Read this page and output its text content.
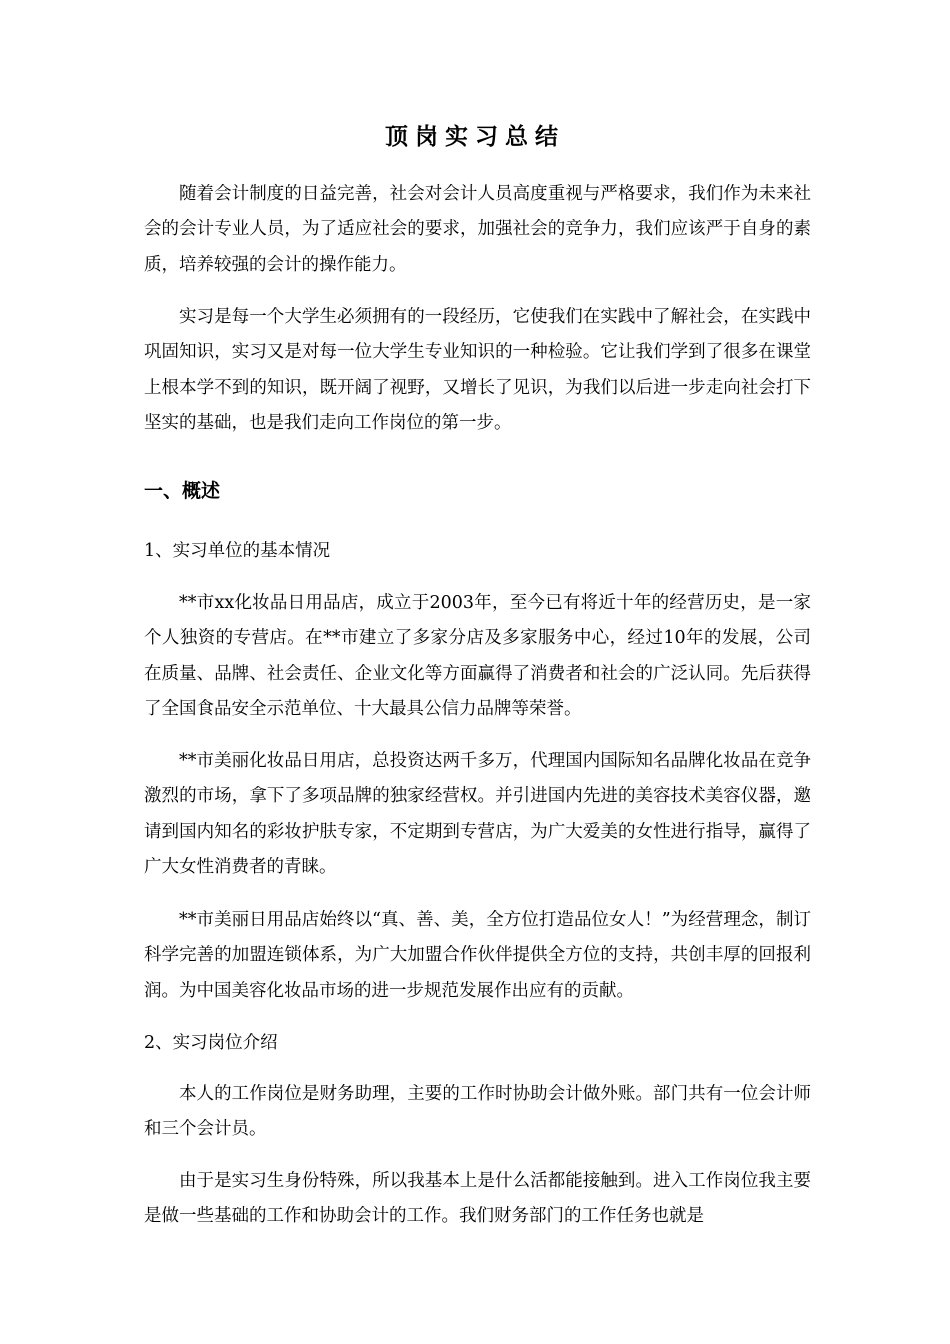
顶岗实习总结

随着会计制度的日益完善，社会对会计人员高度重视与严格要求，我们作为未来社会的会计专业人员，为了适应社会的要求，加强社会的竞争力，我们应该严于自身的素质，培养较强的会计的操作能力。

实习是每一个大学生必须拥有的一段经历，它使我们在实践中了解社会，在实践中巩固知识，实习又是对每一位大学生专业知识的一种检验。它让我们学到了很多在课堂上根本学不到的知识，既开阔了视野，又增长了见识，为我们以后进一步走向社会打下坚实的基础，也是我们走向工作岗位的第一步。

一、概述

1、实习单位的基本情况

**市xx化妆品日用品店，成立于2003年，至今已有将近十年的经营历史，是一家个人独资的专营店。在**市建立了多家分店及多家服务中心，经过10年的发展，公司在质量、品牌、社会责任、企业文化等方面赢得了消费者和社会的广泛认同。先后获得了全国食品安全示范单位、十大最具公信力品牌等荣誉。

**市美丽化妆品日用店，总投资达两千多万，代理国内国际知名品牌化妆品在竞争激烈的市场，拿下了多项品牌的独家经营权。并引进国内先进的美容技术美容仪器，邀请到国内知名的彩妆护肤专家，不定期到专营店，为广大爱美的女性进行指导，赢得了广大女性消费者的青睐。

**市美丽日用品店始终以“真、善、美，全方位打造品位女人！”为经营理念，制订科学完善的加盟连锁体系，为广大加盟合作伙伴提供全方位的支持，共创丰厚的回报利润。为中国美容化妆品市场的进一步规范发展作出应有的贡献。

2、实习岗位介绍

本人的工作岗位是财务助理，主要的工作时协助会计做外账。部门共有一位会计师和三个会计员。

由于是实习生身份特殊，所以我基本上是什么活都能接触到。进入工作岗位我主要是做一些基础的工作和协助会计的工作。我们财务部门的工作任务也就是
